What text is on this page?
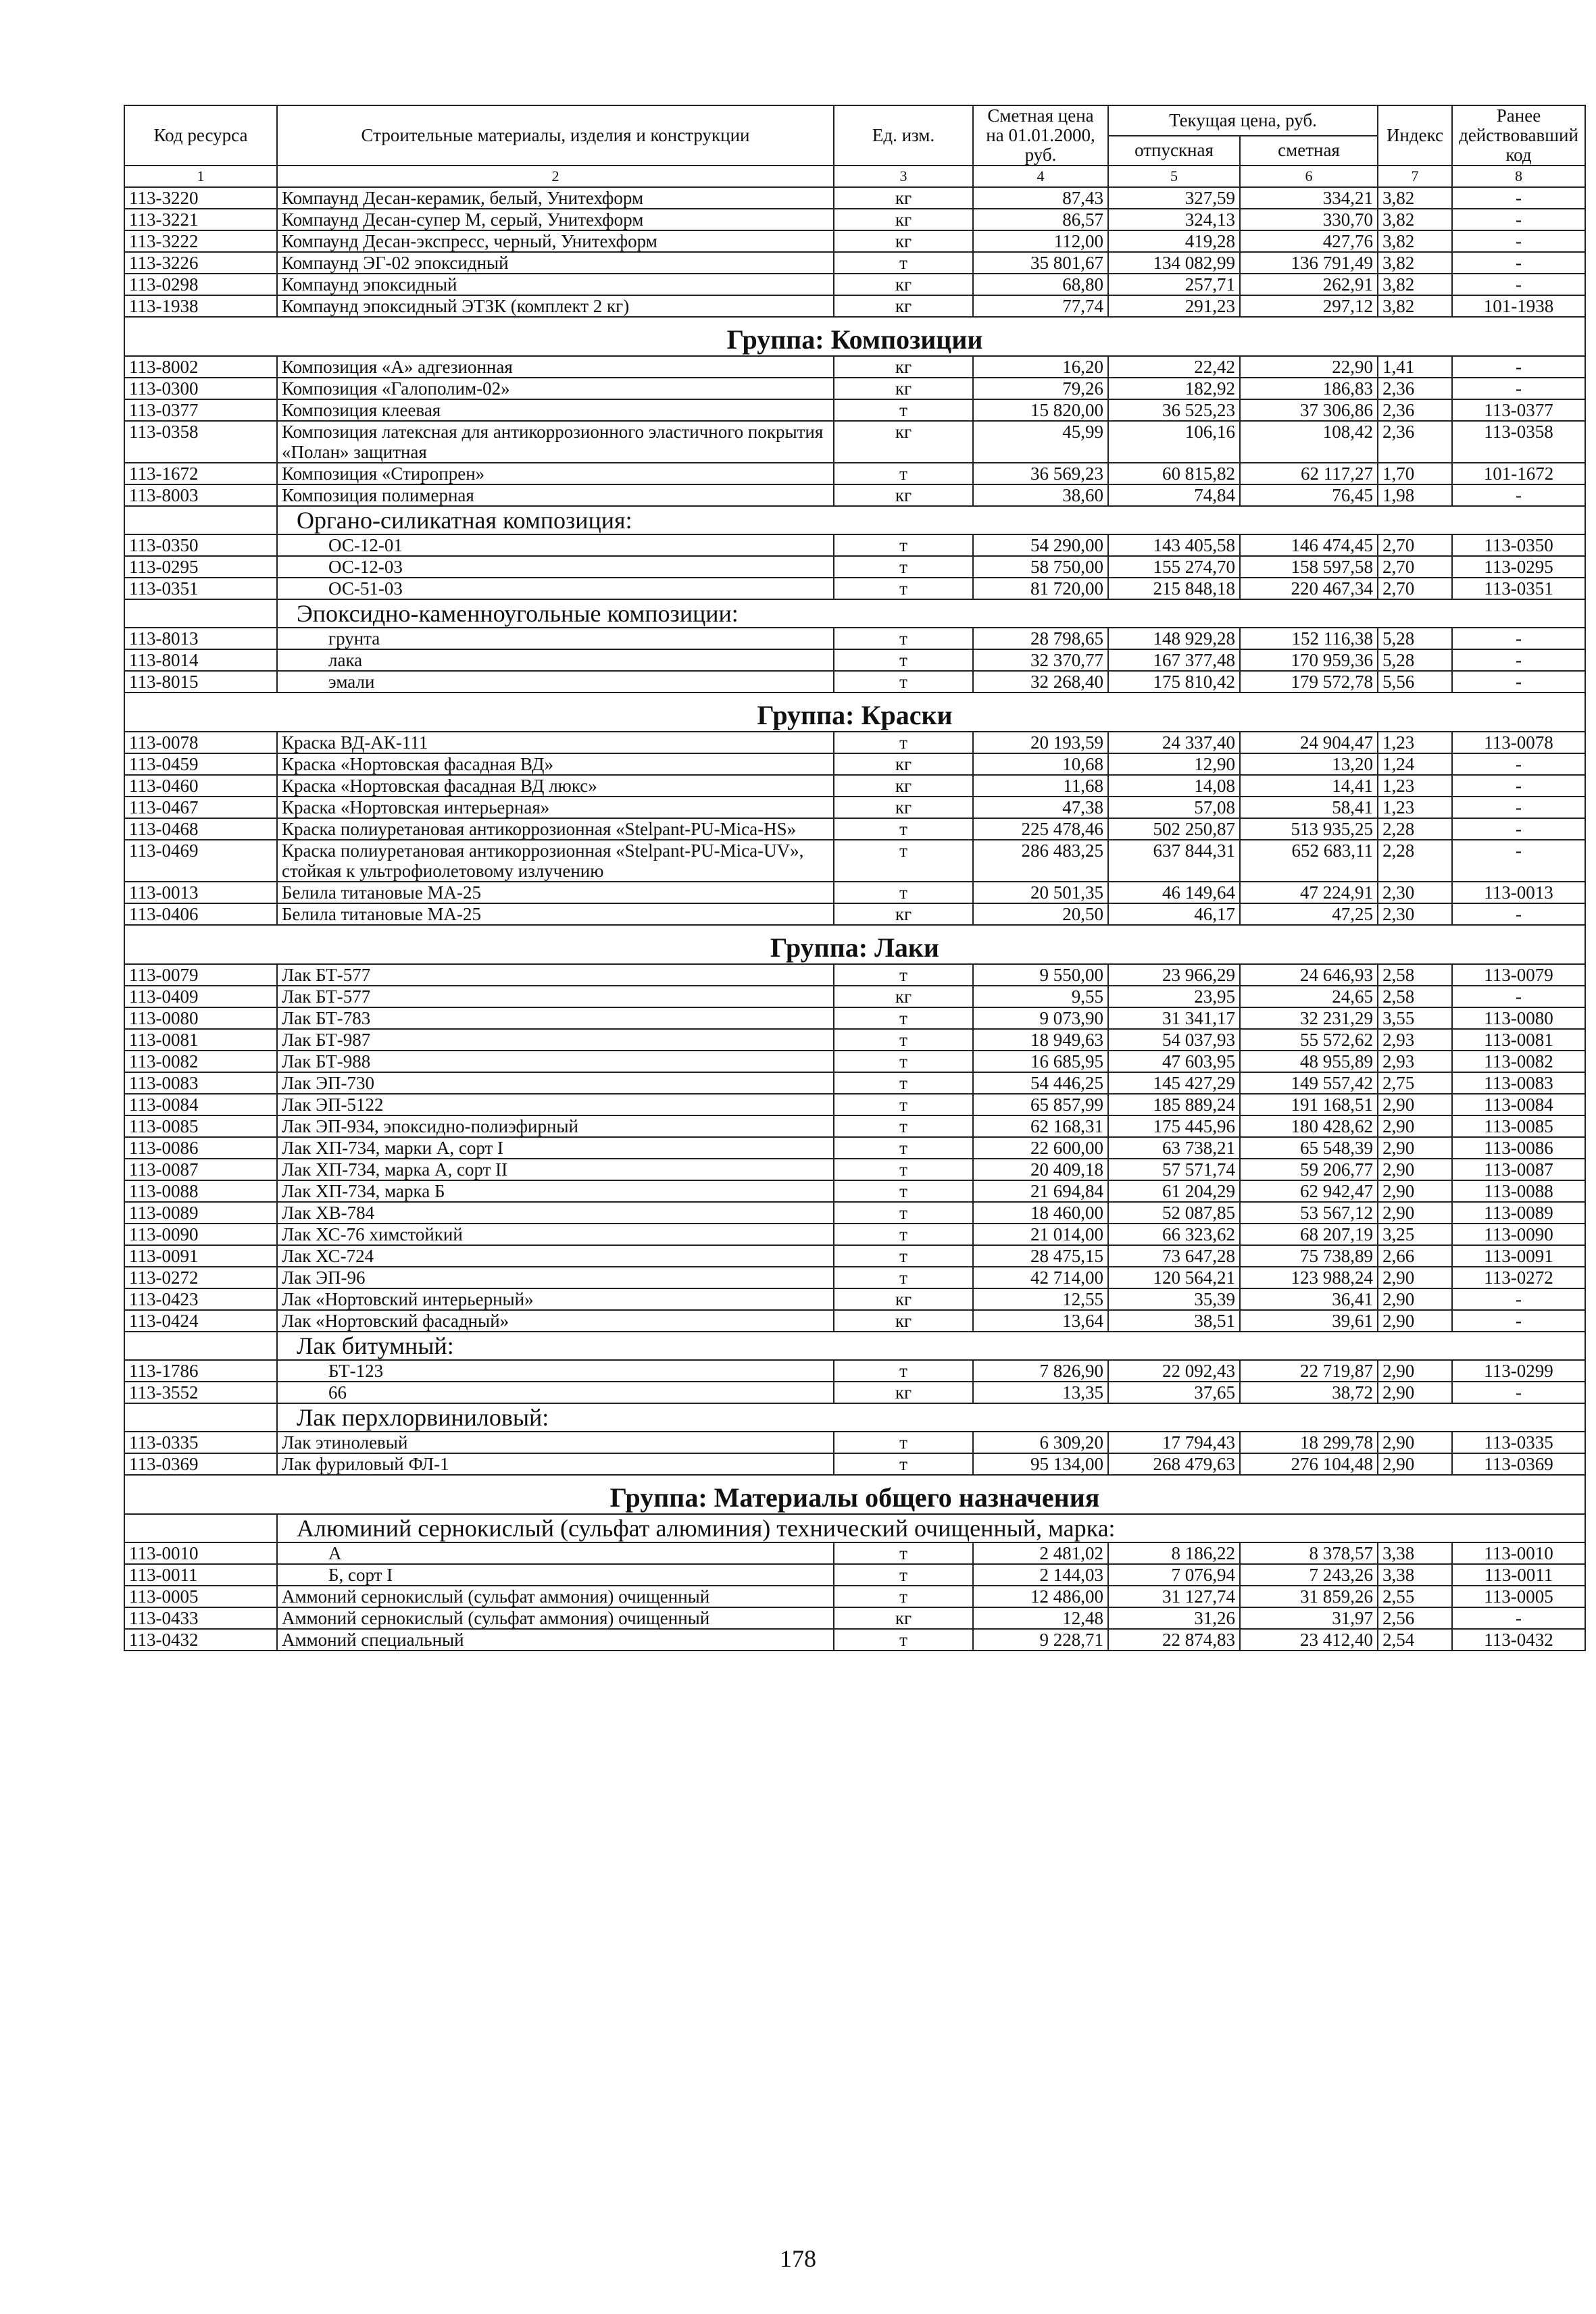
Код ресурса	Строительные материалы, изделия и конструкции	Ед. изм.	Сметная цена на 01.01.2000, руб.	Текущая цена, руб.		Индекс	Ранее действовавший код
				отпускная	сметная		
1	2	3	4	5	6	7	8
113-3220	Компаунд Десан-керамик, белый, Унитехформ	кг	87,43	327,59	334,21	3,82	-
113-3221	Компаунд Десан-супер М, серый, Унитехформ	кг	86,57	324,13	330,70	3,82	-
113-3222	Компаунд Десан-экспресс, черный, Унитехформ	кг	112,00	419,28	427,76	3,82	-
113-3226	Компаунд ЭГ-02 эпоксидный	т	35 801,67	134 082,99	136 791,49	3,82	-
113-0298	Компаунд эпоксидный	кг	68,80	257,71	262,91	3,82	-
113-1938	Компаунд эпоксидный ЭТЗК (комплект 2 кг)	кг	77,74	291,23	297,12	3,82	101-1938
Группа: Композиции							
113-8002	Композиция «А» адгезионная	кг	16,20	22,42	22,90	1,41	-
113-0300	Композиция «Галополим-02»	кг	79,26	182,92	186,83	2,36	-
113-0377	Композиция клеевая	т	15 820,00	36 525,23	37 306,86	2,36	113-0377
113-0358	Композиция латексная для антикоррозионного эластичного покрытия «Полан» защитная	кг	45,99	106,16	108,42	2,36	113-0358
113-1672	Композиция «Стиропрен»	т	36 569,23	60 815,82	62 117,27	1,70	101-1672
113-8003	Композиция полимерная	кг	38,60	74,84	76,45	1,98	-
	Органо-силикатная композиция:						
113-0350	ОС-12-01	т	54 290,00	143 405,58	146 474,45	2,70	113-0350
113-0295	ОС-12-03	т	58 750,00	155 274,70	158 597,58	2,70	113-0295
113-0351	ОС-51-03	т	81 720,00	215 848,18	220 467,34	2,70	113-0351
	Эпоксидно-каменноугольные композиции:						
113-8013	грунта	т	28 798,65	148 929,28	152 116,38	5,28	-
113-8014	лака	т	32 370,77	167 377,48	170 959,36	5,28	-
113-8015	эмали	т	32 268,40	175 810,42	179 572,78	5,56	-
Группа: Краски							
113-0078	Краска ВД-АК-111	т	20 193,59	24 337,40	24 904,47	1,23	113-0078
113-0459	Краска «Нортовская фасадная ВД»	кг	10,68	12,90	13,20	1,24	-
113-0460	Краска «Нортовская фасадная ВД люкс»	кг	11,68	14,08	14,41	1,23	-
113-0467	Краска «Нортовская интерьерная»	кг	47,38	57,08	58,41	1,23	-
113-0468	Краска полиуретановая антикоррозионная «Stelpant-PU-Mica-HS»	т	225 478,46	502 250,87	513 935,25	2,28	-
113-0469	Краска полиуретановая антикоррозионная «Stelpant-PU-Mica-UV», стойкая к ультрофиолетовому излучению	т	286 483,25	637 844,31	652 683,11	2,28	-
113-0013	Белила титановые МА-25	т	20 501,35	46 149,64	47 224,91	2,30	113-0013
113-0406	Белила титановые МА-25	кг	20,50	46,17	47,25	2,30	-
Группа: Лаки							
113-0079	Лак БТ-577	т	9 550,00	23 966,29	24 646,93	2,58	113-0079
113-0409	Лак БТ-577	кг	9,55	23,95	24,65	2,58	-
113-0080	Лак БТ-783	т	9 073,90	31 341,17	32 231,29	3,55	113-0080
113-0081	Лак БТ-987	т	18 949,63	54 037,93	55 572,62	2,93	113-0081
113-0082	Лак БТ-988	т	16 685,95	47 603,95	48 955,89	2,93	113-0082
113-0083	Лак ЭП-730	т	54 446,25	145 427,29	149 557,42	2,75	113-0083
113-0084	Лак ЭП-5122	т	65 857,99	185 889,24	191 168,51	2,90	113-0084
113-0085	Лак ЭП-934, эпоксидно-полиэфирный	т	62 168,31	175 445,96	180 428,62	2,90	113-0085
113-0086	Лак ХП-734, марки А, сорт I	т	22 600,00	63 738,21	65 548,39	2,90	113-0086
113-0087	Лак ХП-734, марка А, сорт II	т	20 409,18	57 571,74	59 206,77	2,90	113-0087
113-0088	Лак ХП-734, марка Б	т	21 694,84	61 204,29	62 942,47	2,90	113-0088
113-0089	Лак ХВ-784	т	18 460,00	52 087,85	53 567,12	2,90	113-0089
113-0090	Лак ХС-76 химстойкий	т	21 014,00	66 323,62	68 207,19	3,25	113-0090
113-0091	Лак ХС-724	т	28 475,15	73 647,28	75 738,89	2,66	113-0091
113-0272	Лак ЭП-96	т	42 714,00	120 564,21	123 988,24	2,90	113-0272
113-0423	Лак «Нортовский интерьерный»	кг	12,55	35,39	36,41	2,90	-
113-0424	Лак «Нортовский фасадный»	кг	13,64	38,51	39,61	2,90	-
	Лак битумный:						
113-1786	БТ-123	т	7 826,90	22 092,43	22 719,87	2,90	113-0299
113-3552	66	кг	13,35	37,65	38,72	2,90	-
	Лак перхлорвиниловый:						
113-0335	Лак этинолевый	т	6 309,20	17 794,43	18 299,78	2,90	113-0335
113-0369	Лак фуриловый ФЛ-1	т	95 134,00	268 479,63	276 104,48	2,90	113-0369
Группа: Материалы общего назначения							
	Алюминий сернокислый (сульфат алюминия) технический очищенный, марка:						
113-0010	А	т	2 481,02	8 186,22	8 378,57	3,38	113-0010
113-0011	Б, сорт I	т	2 144,03	7 076,94	7 243,26	3,38	113-0011
113-0005	Аммоний сернокислый (сульфат аммония) очищенный	т	12 486,00	31 127,74	31 859,26	2,55	113-0005
113-0433	Аммоний сернокислый (сульфат аммония) очищенный	кг	12,48	31,26	31,97	2,56	-
113-0432	Аммоний специальный	т	9 228,71	22 874,83	23 412,40	2,54	113-0432
178
